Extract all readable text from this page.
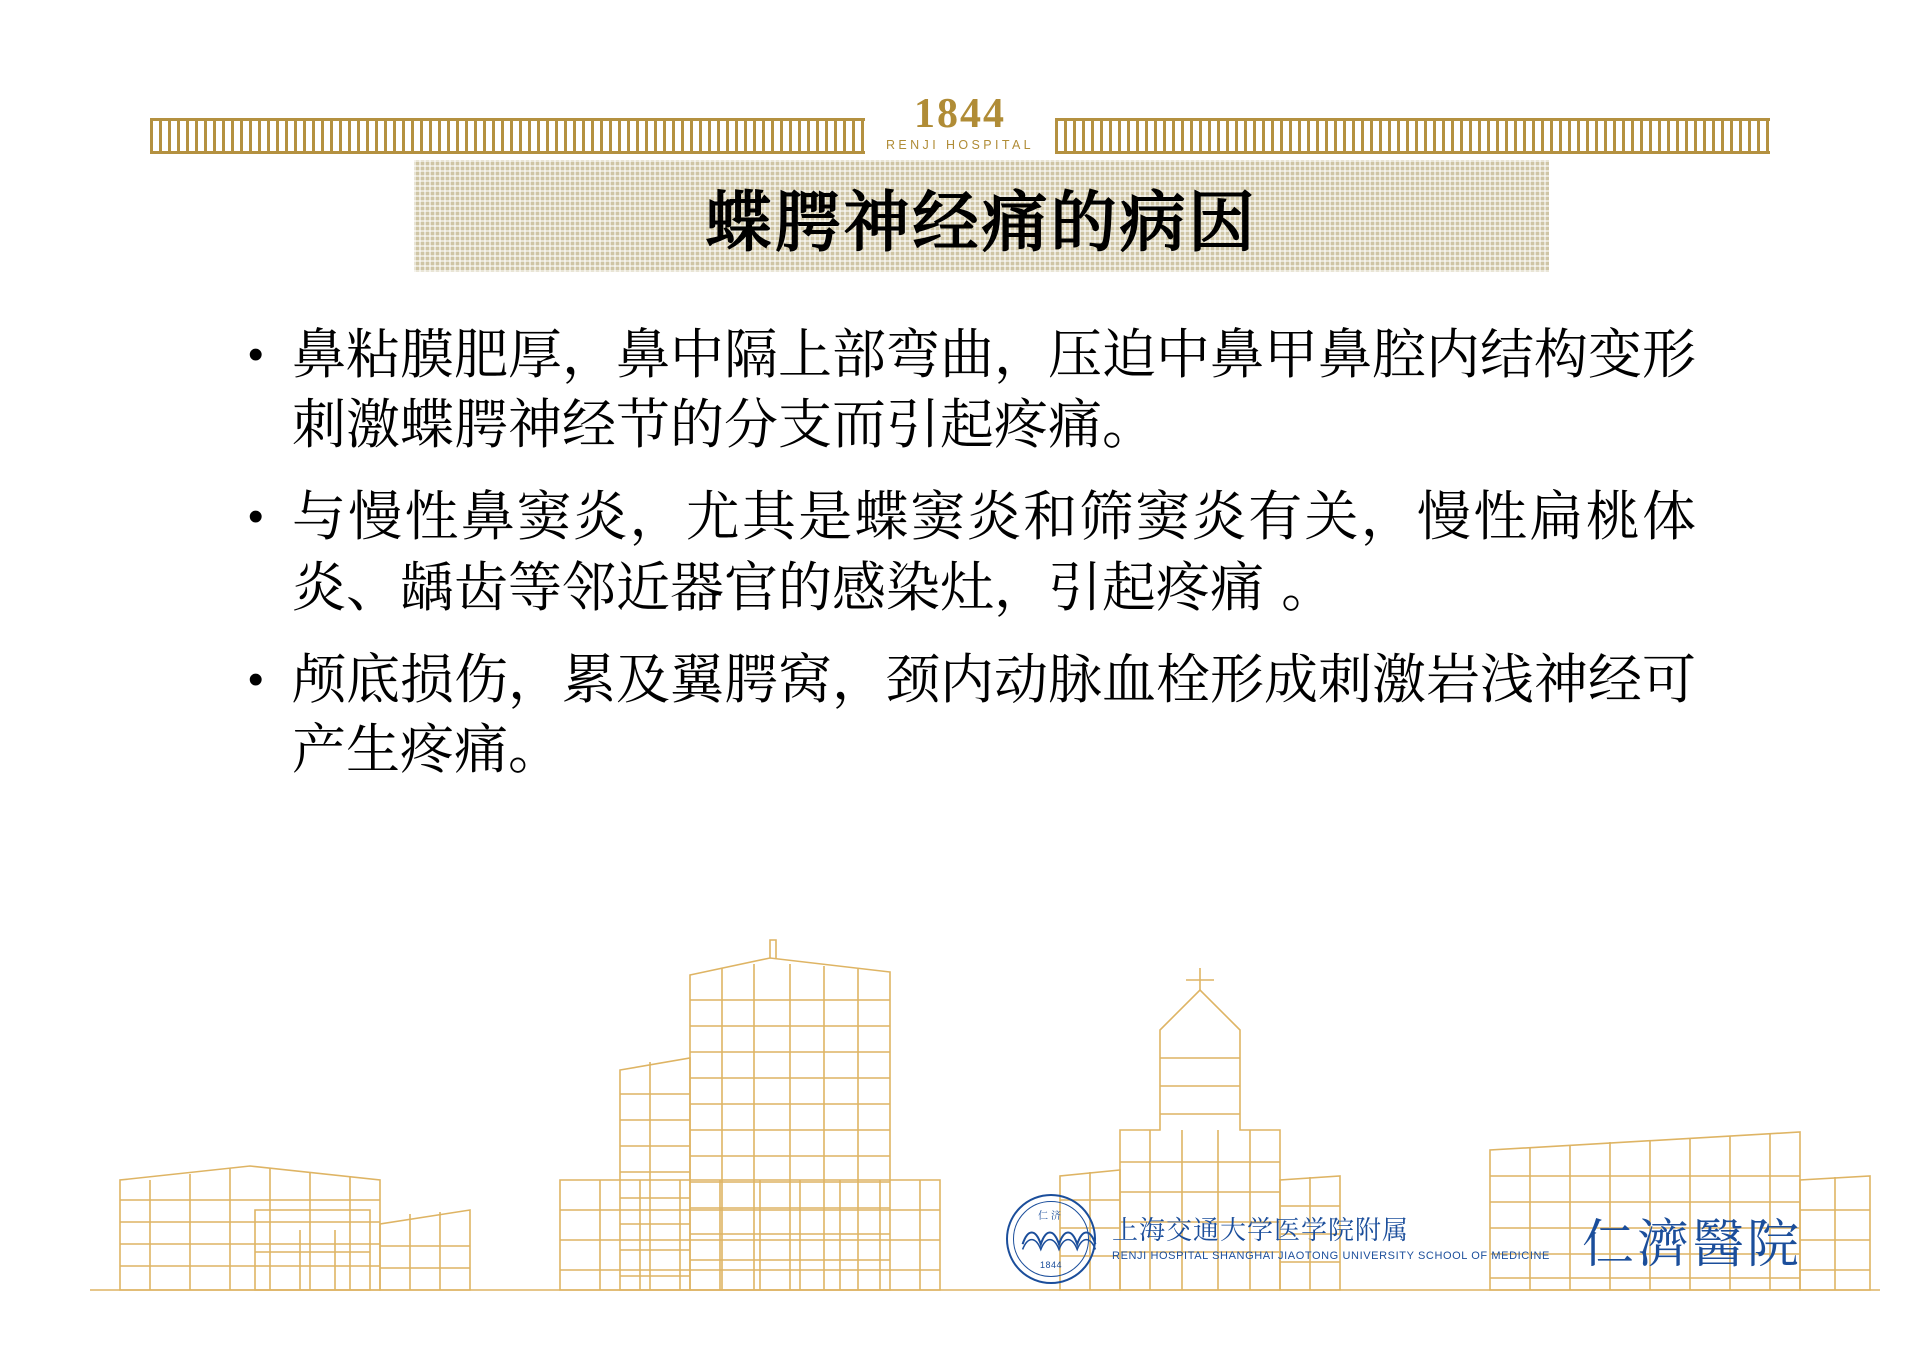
1844
RENJI HOSPITAL
蝶腭神经痛的病因
• 鼻粘膜肥厚，鼻中隔上部弯曲，压迫中鼻甲鼻腔内结构变形刺激蝶腭神经节的分支而引起疼痛。
• 与慢性鼻窦炎，尤其是蝶窦炎和筛窦炎有关，慢性扁桃体炎、龋齿等邻近器官的感染灶，引起疼痛 。
• 颅底损伤，累及翼腭窝，颈内动脉血栓形成刺激岩浅神经可产生疼痛。
仁济
1844
上海交通大学医学院附属
RENJI HOSPITAL SHANGHAI JIAOTONG UNIVERSITY SCHOOL OF MEDICINE 仁濟醫院
